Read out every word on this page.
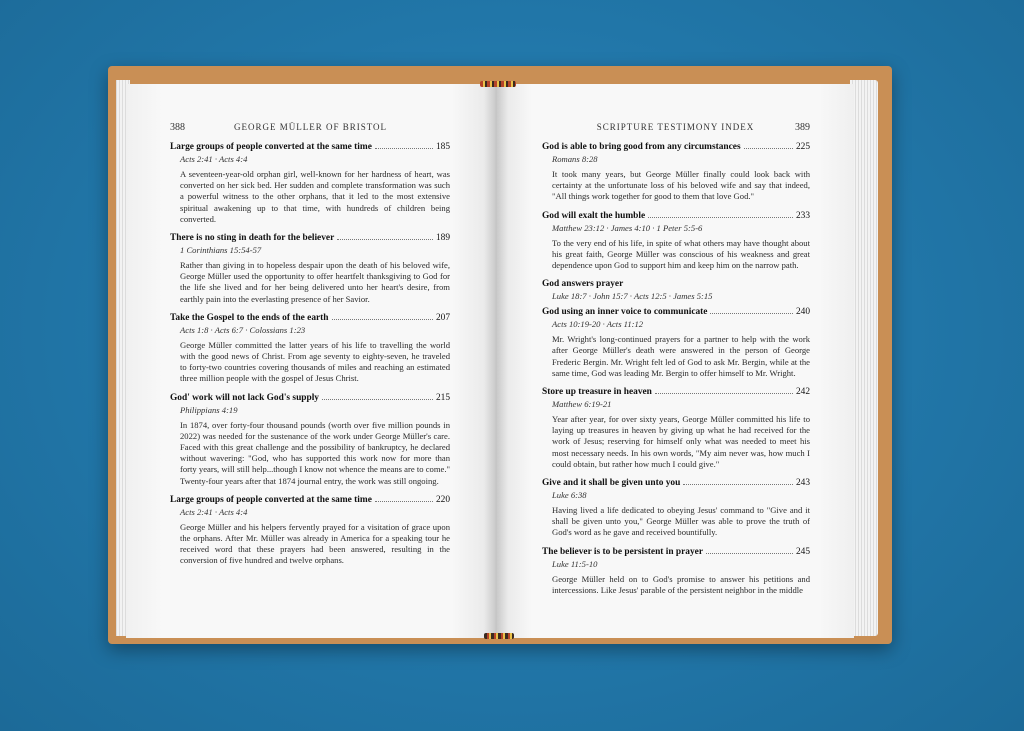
388	GEORGE MÜLLER OF BRISTOL
Large groups of people converted at the same time	185
Acts 2:41 · Acts 4:4
A seventeen-year-old orphan girl, well-known for her hardness of heart, was converted on her sick bed. Her sudden and complete transformation was such a powerful witness to the other orphans, that it led to the most extensive spiritual awakening up to that time, with hundreds of children being converted.
There is no sting in death for the believer	189
1 Corinthians 15:54-57
Rather than giving in to hopeless despair upon the death of his beloved wife, George Müller used the opportunity to offer heartfelt thanksgiving to God for the life she lived and for her being delivered unto her heart's desire, from earthly pain into the everlasting presence of her Savior.
Take the Gospel to the ends of the earth	207
Acts 1:8 · Acts 6:7 · Colossians 1:23
George Müller committed the latter years of his life to travelling the world with the good news of Christ. From age seventy to eighty-seven, he traveled to forty-two countries covering thousands of miles and reaching an estimated three million people with the gospel of Jesus Christ.
God' work will not lack God's supply	215
Philippians 4:19
In 1874, over forty-four thousand pounds (worth over five million pounds in 2022) was needed for the sustenance of the work under George Müller's care. Faced with this great challenge and the possibility of bankruptcy, he declared without wavering: "God, who has supported this work now for more than forty years, will still help...though I know not whence the means are to come." Twenty-four years after that 1874 journal entry, the work was still ongoing.
Large groups of people converted at the same time	220
Acts 2:41 · Acts 4:4
George Müller and his helpers fervently prayed for a visitation of grace upon the orphans. After Mr. Müller was already in America for a speaking tour he received word that these prayers had been answered, resulting in the conversion of five hundred and twelve orphans.
SCRIPTURE TESTIMONY INDEX	389
God is able to bring good from any circumstances	225
Romans 8:28
It took many years, but George Müller finally could look back with certainty at the unfortunate loss of his beloved wife and say that indeed, "All things work together for good to them that love God."
God will exalt the humble	233
Matthew 23:12 · James 4:10 · 1 Peter 5:5-6
To the very end of his life, in spite of what others may have thought about his great faith, George Müller was conscious of his weakness and great dependence upon God to support him and keep him on the narrow path.
God answers prayer
Luke 18:7 · John 15:7 · Acts 12:5 · James 5:15
God using an inner voice to communicate	240
Acts 10:19-20 · Acts 11:12
Mr. Wright's long-continued prayers for a partner to help with the work after George Müller's death were answered in the person of George Frederic Bergin. Mr. Wright felt led of God to ask Mr. Bergin, while at the same time, God was leading Mr. Bergin to offer himself to Mr. Wright.
Store up treasure in heaven	242
Matthew 6:19-21
Year after year, for over sixty years, George Müller committed his life to laying up treasures in heaven by giving up what he had received for the work of Jesus; reserving for himself only what was needed to meet his most necessary needs. In his own words, "My aim never was, how much I could obtain, but rather how much I could give."
Give and it shall be given unto you	243
Luke 6:38
Having lived a life dedicated to obeying Jesus' command to "Give and it shall be given unto you," George Müller was able to prove the truth of God's word as he gave and received bountifully.
The believer is to be persistent in prayer	245
Luke 11:5-10
George Müller held on to God's promise to answer his petitions and intercessions. Like Jesus' parable of the persistent neighbor in the middle
